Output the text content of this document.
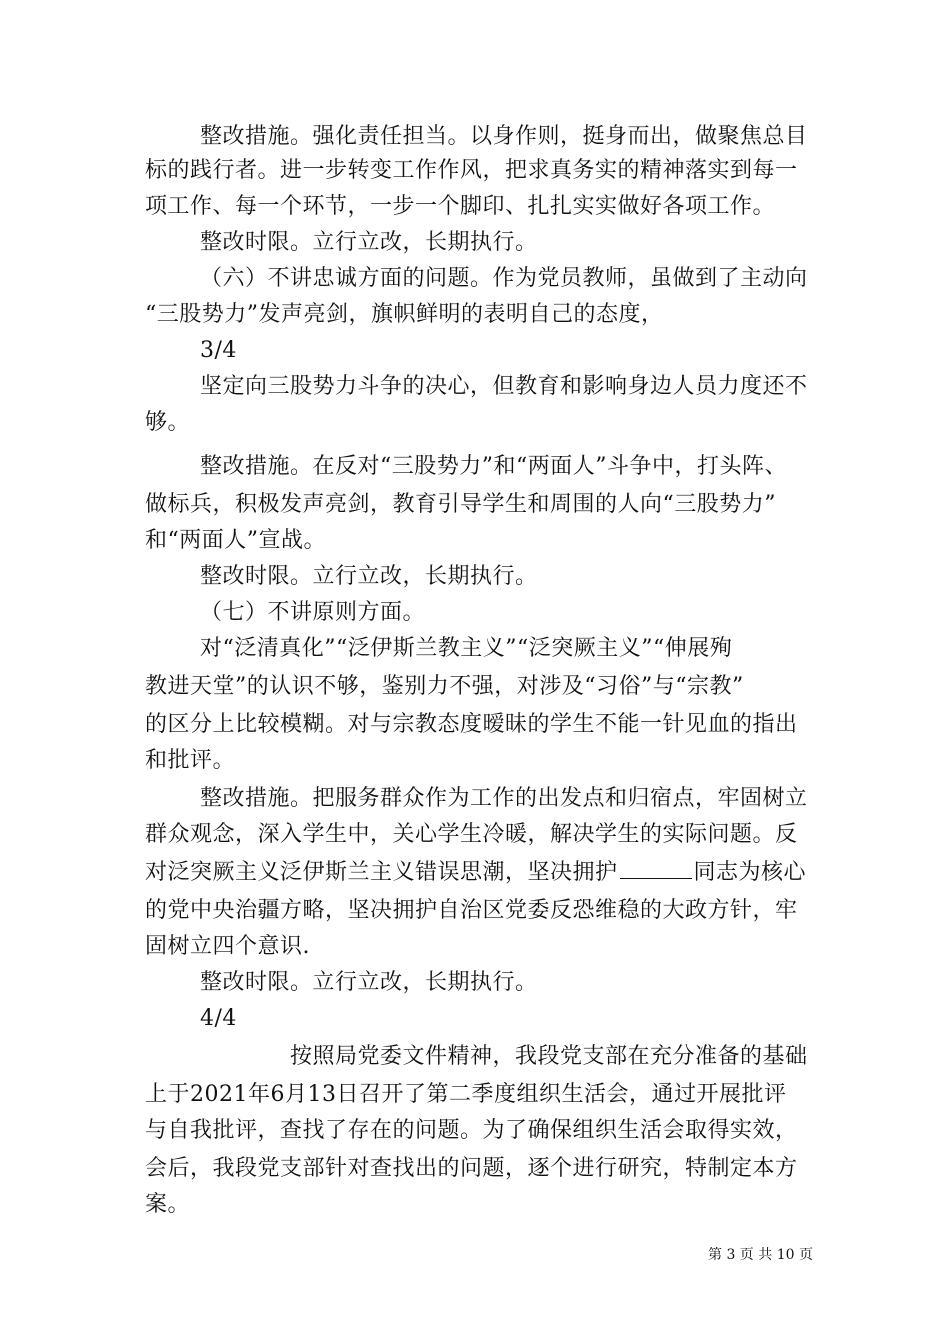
整改措施。强化责任担当。以身作则，挺身而出，做聚焦总目
标的践行者。进一步转变工作作风，把求真务实的精神落实到每一
项工作、每一个环节，一步一个脚印、扎扎实实做好各项工作。
整改时限。立行立改，长期执行。
（六）不讲忠诚方面的问题。作为党员教师，虽做到了主动向
“三股势力”发声亮剑，旗帜鲜明的表明自己的态度，
3/4
坚定向三股势力斗争的决心，但教育和影响身边人员力度还不
够。
整改措施。在反对“三股势力”和“两面人”斗争中，打头阵、
做标兵，积极发声亮剑，教育引导学生和周围的人向“三股势力”
和“两面人”宣战。
整改时限。立行立改，长期执行。
（七）不讲原则方面。
对“泛清真化”“泛伊斯兰教主义”“泛突厥主义”“伸展殉
教进天堂”的认识不够，鉴别力不强，对涉及“习俗”与“宗教”
的区分上比较模糊。对与宗教态度暧昧的学生不能一针见血的指出
和批评。
整改措施。把服务群众作为工作的出发点和归宿点，牢固树立
群众观念，深入学生中，关心学生冷暖，解决学生的实际问题。反
对泛突厥主义泛伊斯兰主义错误思潮，坚决拥护	同志为核心
的党中央治疆方略，坚决拥护自治区党委反恐维稳的大政方针，牢
固树立四个意识.
整改时限。立行立改，长期执行。
4/4
按照局党委文件精神，我段党支部在充分准备的基础
上于2021年6月13日召开了第二季度组织生活会，通过开展批评
与自我批评，查找了存在的问题。为了确保组织生活会取得实效，
会后，我段党支部针对查找出的问题，逐个进行研究，特制定本方
案。
第 3 页 共 10 页
